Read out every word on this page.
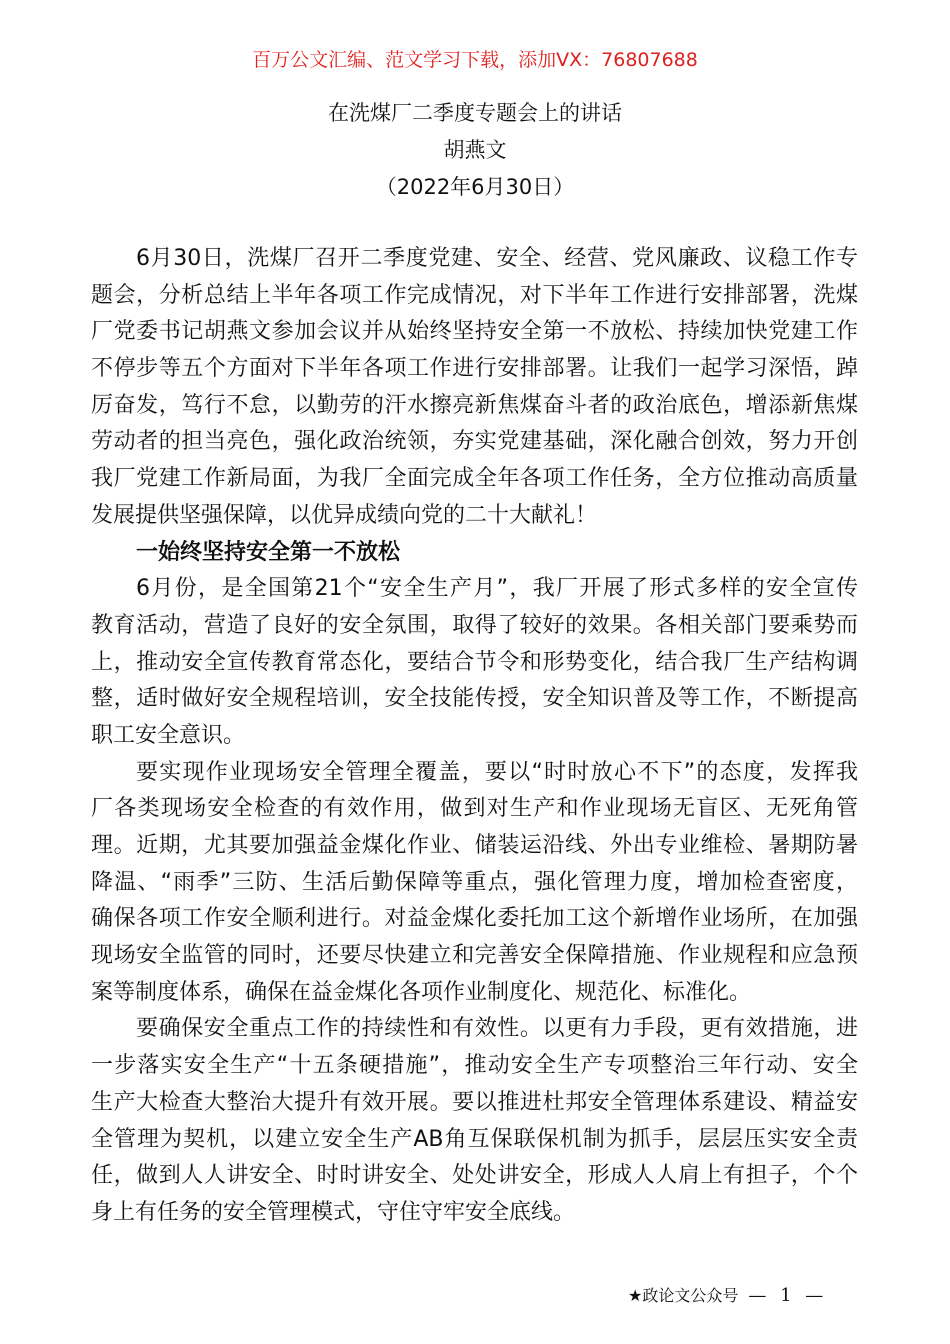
百万公文汇编、范文学习下载，添加VX：76807688
在洗煤厂二季度专题会上的讲话
胡燕文
（2022年6月30日）
6月30日，洗煤厂召开二季度党建、安全、经营、党风廉政、议稳工作专
题会，分析总结上半年各项工作完成情况，对下半年工作进行安排部署，洗煤
厂党委书记胡燕文参加会议并从始终坚持安全第一不放松、持续加快党建工作
不停步等五个方面对下半年各项工作进行安排部署。让我们一起学习深悟，踔
厉奋发，笃行不怠，以勤劳的汗水擦亮新焦煤奋斗者的政治底色，增添新焦煤
劳动者的担当亮色，强化政治统领，夯实党建基础，深化融合创效，努力开创
我厂党建工作新局面，为我厂全面完成全年各项工作任务，全方位推动高质量
发展提供坚强保障，以优异成绩向党的二十大献礼！
一始终坚持安全第一不放松
6月份，是全国第21个“安全生产月”，我厂开展了形式多样的安全宣传
教育活动，营造了良好的安全氛围，取得了较好的效果。各相关部门要乘势而
上，推动安全宣传教育常态化，要结合节令和形势变化，结合我厂生产结构调
整，适时做好安全规程培训，安全技能传授，安全知识普及等工作，不断提高
职工安全意识。
要实现作业现场安全管理全覆盖，要以“时时放心不下”的态度，发挥我
厂各类现场安全检查的有效作用，做到对生产和作业现场无盲区、无死角管
理。近期，尤其要加强益金煤化作业、储装运沿线、外出专业维检、暑期防暑
降温、“雨季”三防、生活后勤保障等重点，强化管理力度，增加检查密度，
确保各项工作安全顺利进行。对益金煤化委托加工这个新增作业场所，在加强
现场安全监管的同时，还要尽快建立和完善安全保障措施、作业规程和应急预
案等制度体系，确保在益金煤化各项作业制度化、规范化、标准化。
要确保安全重点工作的持续性和有效性。以更有力手段，更有效措施，进
一步落实安全生产“十五条硬措施”，推动安全生产专项整治三年行动、安全
生产大检查大整治大提升有效开展。要以推进杜邦安全管理体系建设、精益安
全管理为契机，以建立安全生产AB角互保联保机制为抓手，层层压实安全责
任，做到人人讲安全、时时讲安全、处处讲安全，形成人人肩上有担子，个个
身上有任务的安全管理模式，守住守牢安全底线。
★政论文公众号 — 1 —
